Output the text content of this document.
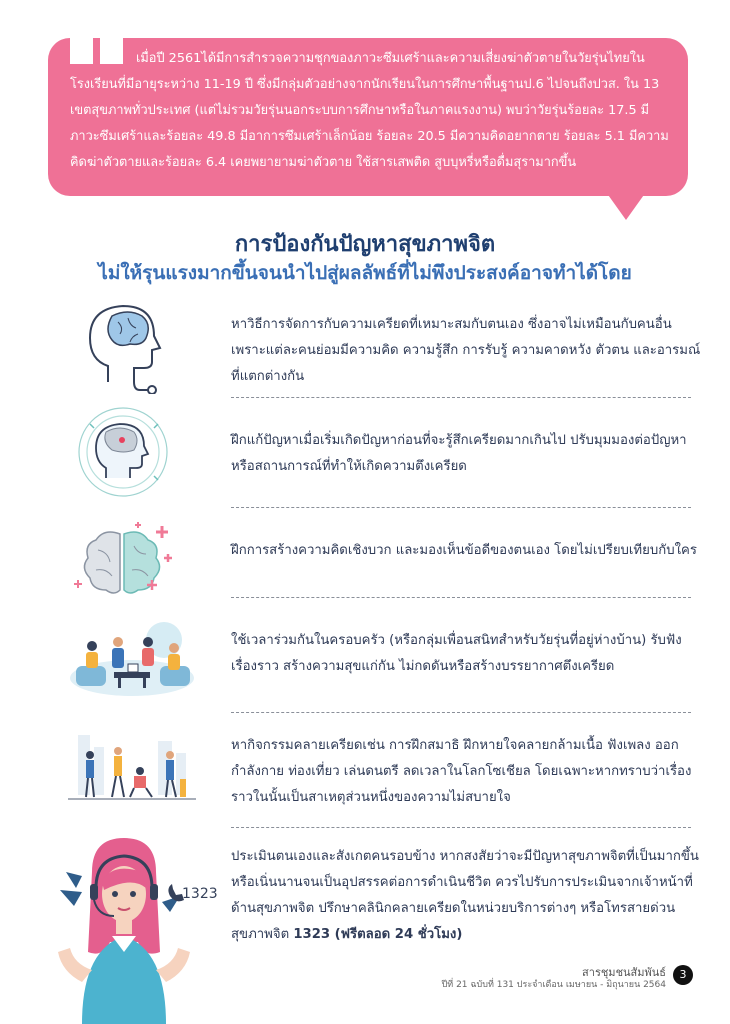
เมื่อปี 2561ได้มีการสำรวจความชุกของภาวะซึมเศร้าและความเสี่ยงฆ่าตัวตายในวัยรุ่นไทยในโรงเรียนที่มีอายุระหว่าง 11-19 ปี ซึ่งมีกลุ่มตัวอย่างจากนักเรียนในการศึกษาพื้นฐานป.6 ไปจนถึงปวส. ใน 13 เขตสุขภาพทั่วประเทศ (แต่ไม่รวมวัยรุ่นนอกระบบการศึกษาหรือในภาคแรงงาน) พบว่าวัยรุ่นร้อยละ 17.5 มีภาวะซึมเศร้าและร้อยละ 49.8 มีอาการซึมเศร้าเล็กน้อย ร้อยละ 20.5 มีความคิดอยากตาย ร้อยละ 5.1 มีความคิดฆ่าตัวตายและร้อยละ 6.4 เคยพยายามฆ่าตัวตาย ใช้สารเสพติด สูบบุหรี่หรือดื่มสุรามากขึ้น
การป้องกันปัญหาสุขภาพจิต
ไม่ให้รุนแรงมากขึ้นจนนำไปสู่ผลลัพธ์ที่ไม่พึงประสงค์อาจทำได้โดย
หาวิธีการจัดการกับความเครียดที่เหมาะสมกับตนเอง ซึ่งอาจไม่เหมือนกับคนอื่น เพราะแต่ละคนย่อมมีความคิด ความรู้สึก การรับรู้ ความคาดหวัง ตัวตน และอารมณ์ที่แตกต่างกัน
ฝึกแก้ปัญหาเมื่อเริ่มเกิดปัญหาก่อนที่จะรู้สึกเครียดมากเกินไป ปรับมุมมองต่อปัญหาหรือสถานการณ์ที่ทำให้เกิดความตึงเครียด
ฝึกการสร้างความคิดเชิงบวก และมองเห็นข้อดีของตนเอง โดยไม่เปรียบเทียบกับใคร
ใช้เวลาร่วมกันในครอบครัว (หรือกลุ่มเพื่อนสนิทสำหรับวัยรุ่นที่อยู่ห่างบ้าน) รับฟังเรื่องราว สร้างความสุขแก่กัน ไม่กดดันหรือสร้างบรรยากาศตึงเครียด
หากิจกรรมคลายเครียดเช่น การฝึกสมาธิ ฝึกหายใจคลายกล้ามเนื้อ ฟังเพลง ออกกำลังกาย ท่องเที่ยว เล่นดนตรี ลดเวลาในโลกโซเชียล โดยเฉพาะหากทราบว่าเรื่องราวในนั้นเป็นสาเหตุส่วนหนึ่งของความไม่สบายใจ
1323
ประเมินตนเองและสังเกตคนรอบข้าง หากสงสัยว่าจะมีปัญหาสุขภาพจิตที่เป็นมากขึ้น หรือเนิ่นนานจนเป็นอุปสรรคต่อการดำเนินชีวิต ควรไปรับการประเมินจากเจ้าหน้าที่ด้านสุขภาพจิต ปรึกษาคลินิกคลายเครียดในหน่วยบริการต่างๆ หรือโทรสายด่วนสุขภาพจิต 1323 (ฟรีตลอด 24 ชั่วโมง)
สารชุมชนสัมพันธ์
ปีที่ 21 ฉบับที่ 131 ประจำเดือน เมษายน - มิถุนายน 2564
3
